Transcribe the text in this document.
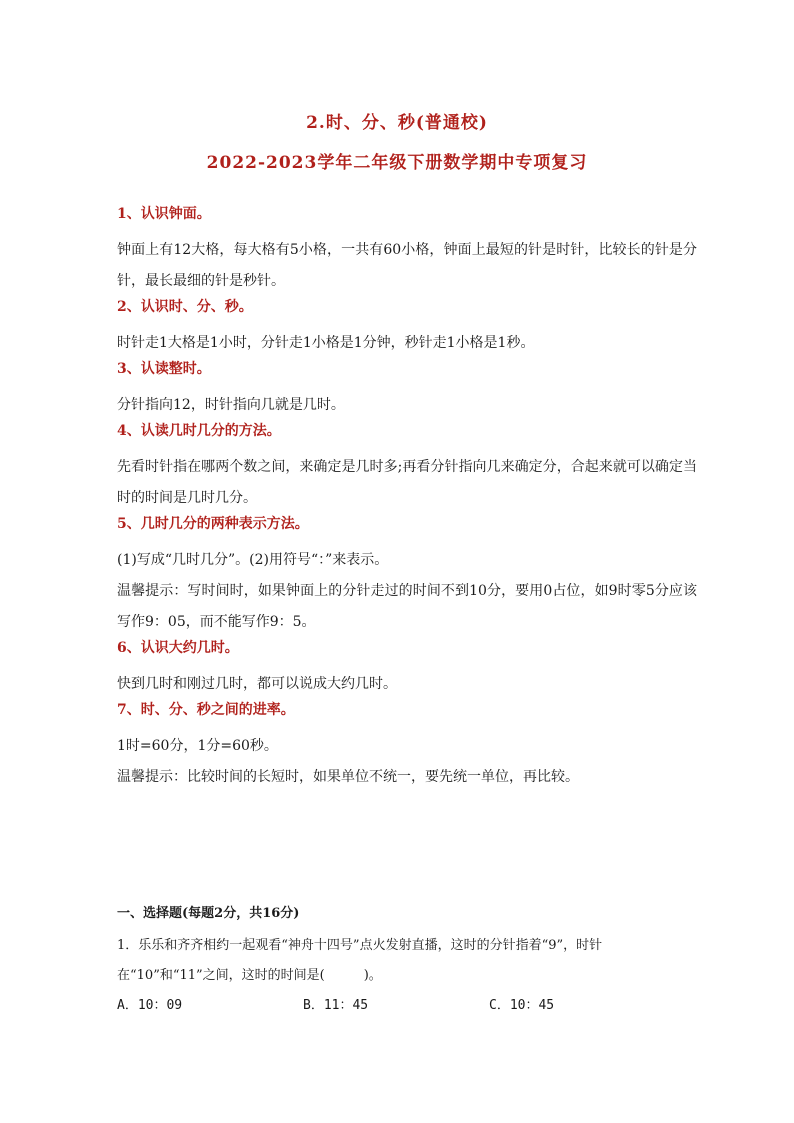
2.时、分、秒(普通校)
2022-2023学年二年级下册数学期中专项复习

1、认识钟面。

钟面上有12大格，每大格有5小格，一共有60小格，钟面上最短的针是时针，比较长的针是分针，最长最细的针是秒针。

2、认识时、分、秒。

时针走1大格是1小时，分针走1小格是1分钟，秒针走1小格是1秒。

3、认读整时。

分针指向12，时针指向几就是几时。

4、认读几时几分的方法。

先看时针指在哪两个数之间，来确定是几时多;再看分针指向几来确定分，合起来就可以确定当时的时间是几时几分。

5、几时几分的两种表示方法。

(1)写成“几时几分”。(2)用符号“：”来表示。

温馨提示：写时间时，如果钟面上的分针走过的时间不到10分，要用0占位，如9时零5分应该写作9：05，而不能写作9：5。

6、认识大约几时。

快到几时和刚过几时，都可以说成大约几时。

7、时、分、秒之间的进率。

1时=60分，1分=60秒。

温馨提示：比较时间的长短时，如果单位不统一，要先统一单位，再比较。

一、选择题(每题2分，共16分)

1．乐乐和齐齐相约一起观看“神舟十四号”点火发射直播，这时的分针指着“9”，时针在“10”和“11”之间，这时的时间是(　　　)。

A．10：09	B．11：45	C．10：45
